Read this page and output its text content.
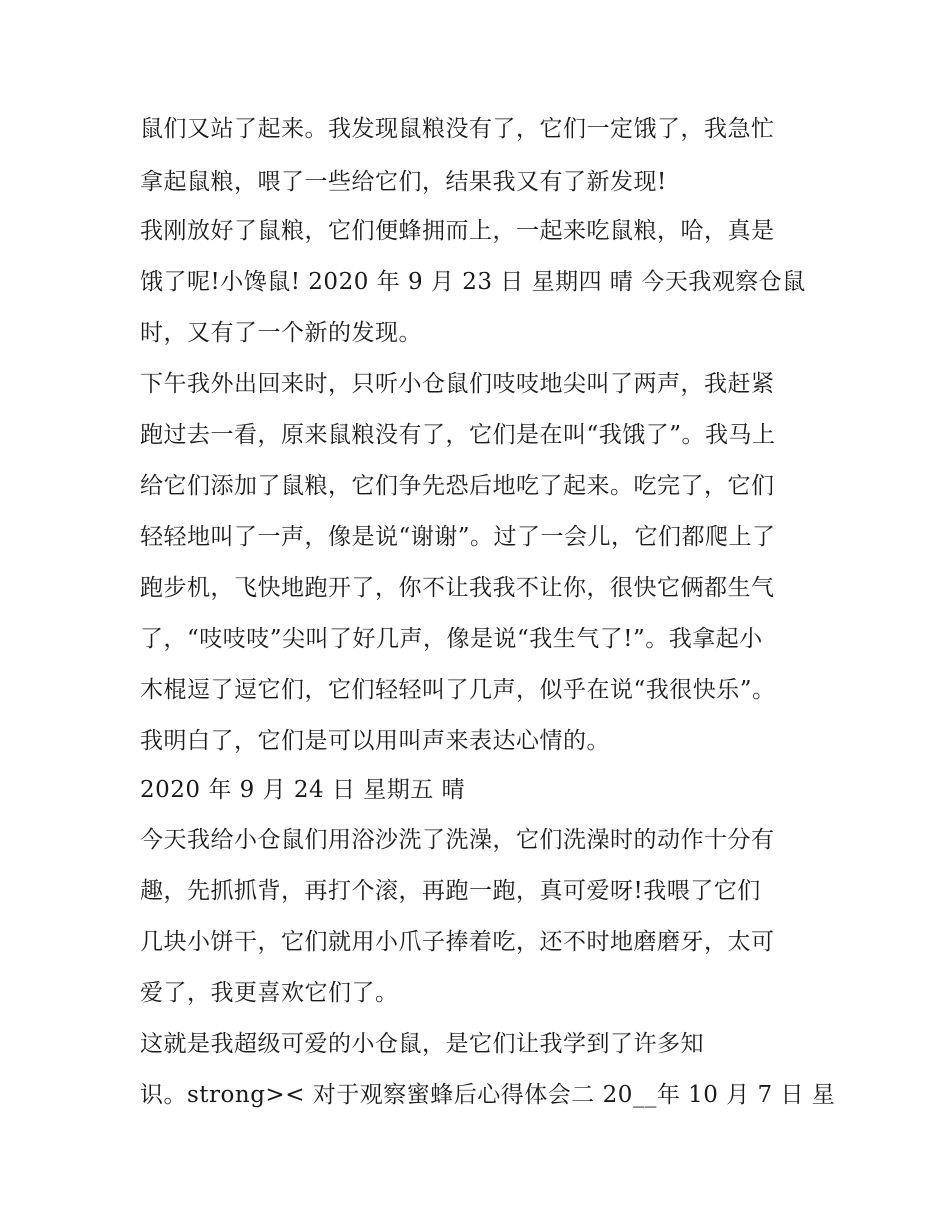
鼠们又站了起来。我发现鼠粮没有了，它们一定饿了，我急忙
拿起鼠粮，喂了一些给它们，结果我又有了新发现!
我刚放好了鼠粮，它们便蜂拥而上，一起来吃鼠粮，哈，真是
饿了呢!小馋鼠! 2020 年 9 月 23 日 星期四 晴 今天我观察仓鼠
时，又有了一个新的发现。
下午我外出回来时，只听小仓鼠们吱吱地尖叫了两声，我赶紧
跑过去一看，原来鼠粮没有了，它们是在叫“我饿了”。我马上
给它们添加了鼠粮，它们争先恐后地吃了起来。吃完了，它们
轻轻地叫了一声，像是说“谢谢”。过了一会儿，它们都爬上了
跑步机，飞快地跑开了，你不让我我不让你，很快它俩都生气
了，“吱吱吱”尖叫了好几声，像是说“我生气了!”。我拿起小
木棍逗了逗它们，它们轻轻叫了几声，似乎在说“我很快乐”。
我明白了，它们是可以用叫声来表达心情的。
2020 年 9 月 24 日 星期五 晴
今天我给小仓鼠们用浴沙洗了洗澡，它们洗澡时的动作十分有
趣，先抓抓背，再打个滚，再跑一跑，真可爱呀!我喂了它们
几块小饼干，它们就用小爪子捧着吃，还不时地磨磨牙，太可
爱了，我更喜欢它们了。
这就是我超级可爱的小仓鼠，是它们让我学到了许多知
识。strong>< 对于观察蜜蜂后心得体会二 20__年 10 月 7 日 星
